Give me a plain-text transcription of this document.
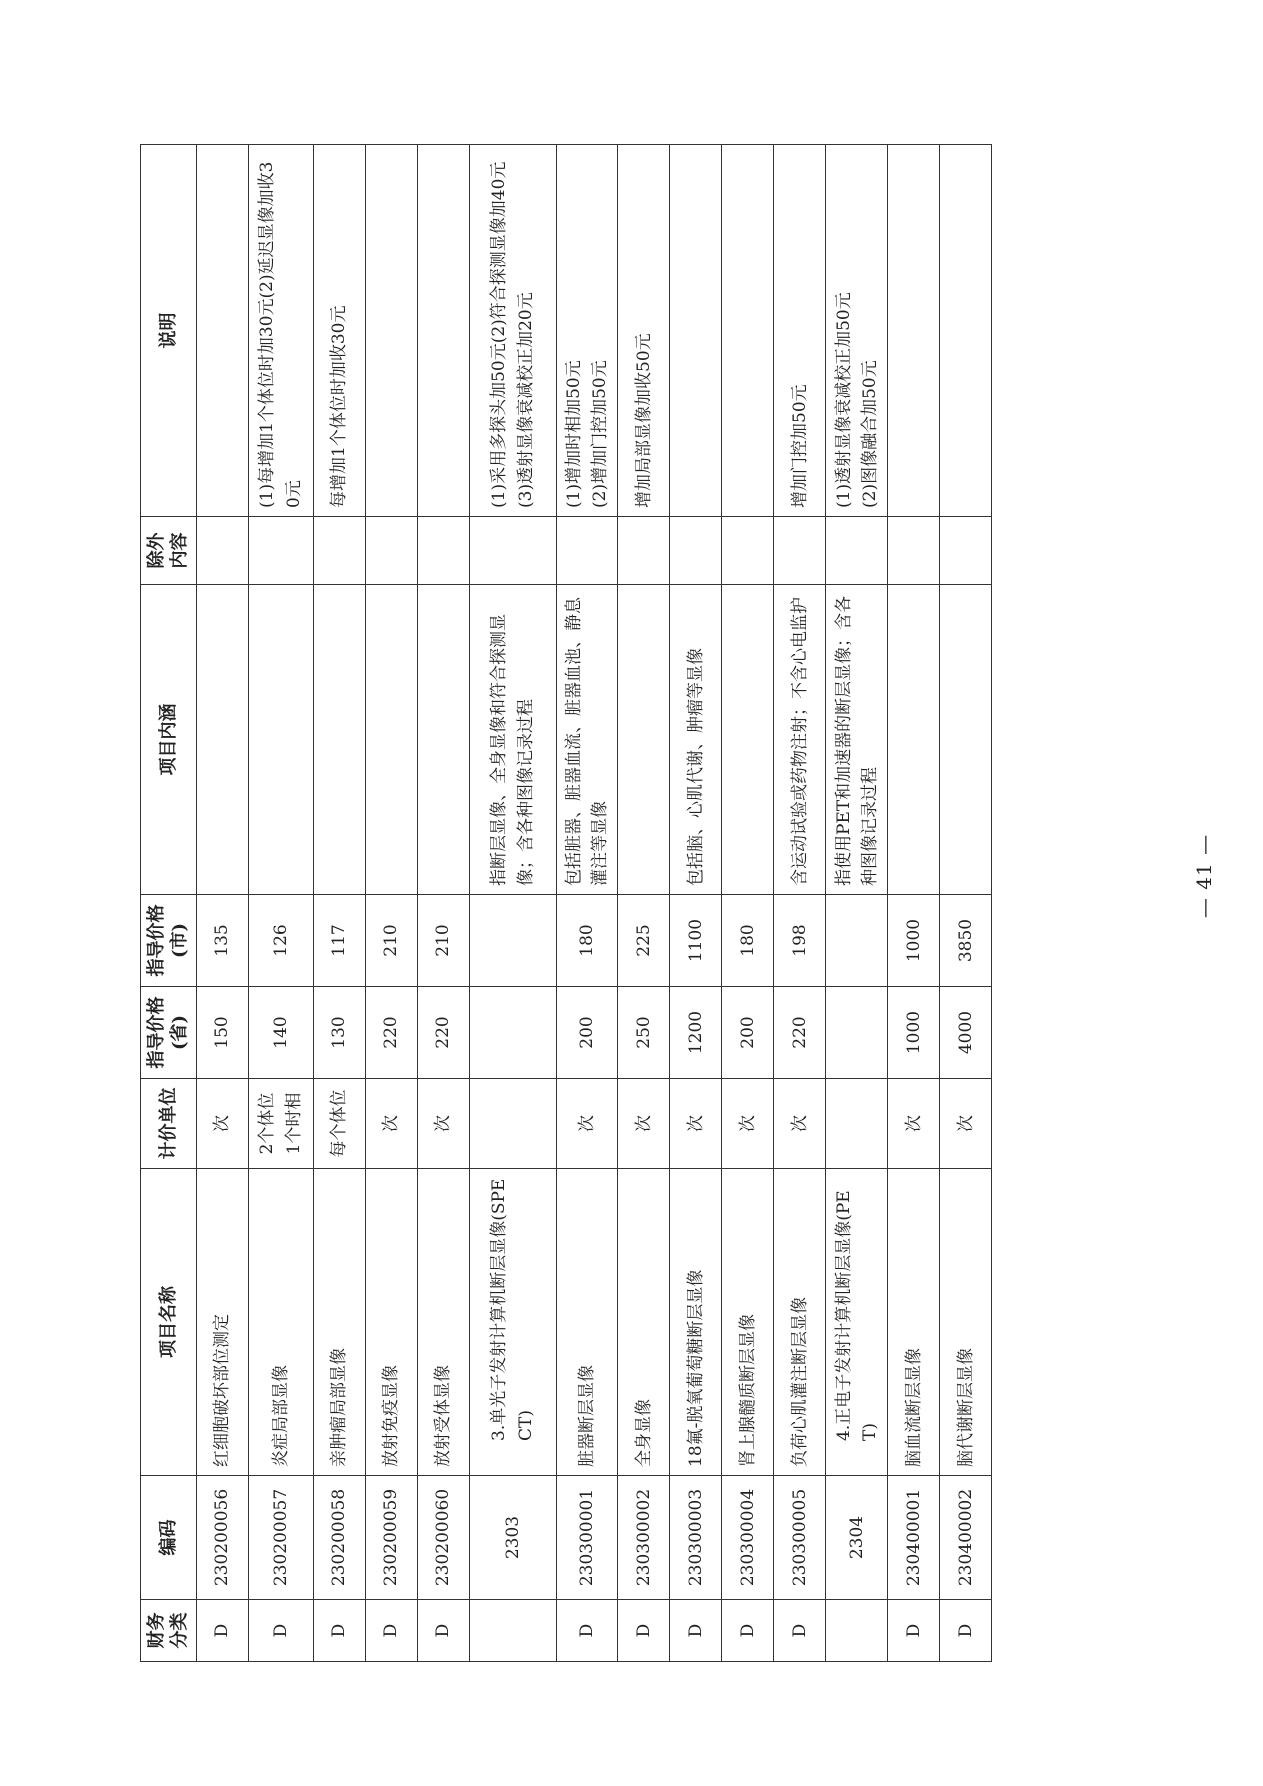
财务分类	编码	项目名称	计价单位	指导价格
(省)	指导价格
(市)	项目内涵	除外内容	说明
D	230200056	红细胞破坏部位测定	次	150	135			
D	230200057	炎症局部显像	2个体位
1个时相	140	126			(1)每增加1个体位时加30元(2)延迟显像加收30元
D	230200058	亲肿瘤局部显像	每个体位	130	117			每增加1个体位时加收30元
D	230200059	放射免疫显像	次	220	210			
D	230200060	放射受体显像	次	220	210			
	2303	3.单光子发射计算机断层显像(SPECT)				指断层显像、全身显像和符合探测显像；含各种图像记录过程		(1)采用多探头加50元(2)符合探测显像加40元(3)透射显像衰减校正加20元
D	230300001	脏器断层显像	次	200	180	包括脏器、脏器血流、脏器血池、静息灌注等显像		(1)增加时相加50元
(2)增加门控加50元
D	230300002	全身显像	次	250	225			增加局部显像加收50元
D	230300003	18氟-脱氧葡萄糖断层显像	次	1200	1100	包括脑、心肌代谢、肿瘤等显像		
D	230300004	肾上腺髓质断层显像	次	200	180			
D	230300005	负荷心肌灌注断层显像	次	220	198	含运动试验或药物注射；不含心电监护		增加门控加50元
	2304	4.正电子发射计算机断层显像(PET)				指使用PET和加速器的断层显像；含各种图像记录过程		(1)透射显像衰减校正加50元
(2)图像融合加50元
D	230400001	脑血流断层显像	次	1000	1000			
D	230400002	脑代谢断层显像	次	4000	3850			
— 41 —
